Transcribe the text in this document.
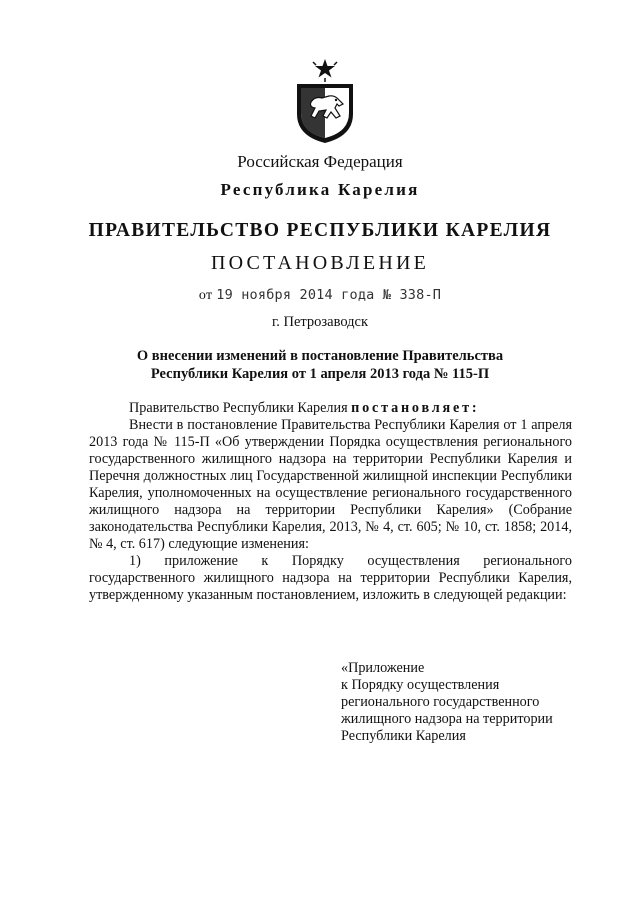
Российская Федерация
Республика Карелия
ПРАВИТЕЛЬСТВО РЕСПУБЛИКИ КАРЕЛИЯ
ПОСТАНОВЛЕНИЕ
от 19 ноября 2014 года № 338-П
г. Петрозаводск
О внесении изменений в постановление Правительства
Республики Карелия от 1 апреля 2013 года № 115-П

Правительство Республики Карелия постановляет:

Внести в постановление Правительства Республики Карелия от 1 апреля 2013 года № 115-П «Об утверждении Порядка осуществления регионального государственного жилищного надзора на территории Республики Карелия и Перечня должностных лиц Государственной жилищной инспекции Республики Карелия, уполномоченных на осуществление регионального государственного жилищного надзора на территории Республики Карелия» (Собрание законодательства Республики Карелия, 2013, № 4, ст. 605; № 10, ст. 1858; 2014, № 4, ст. 617) следующие изменения:

1) приложение к Порядку осуществления регионального государственного жилищного надзора на территории Республики Карелия, утвержденному указанным постановлением, изложить в следующей редакции:

«Приложение
к Порядку осуществления
регионального государственного
жилищного надзора на территории
Республики Карелия
